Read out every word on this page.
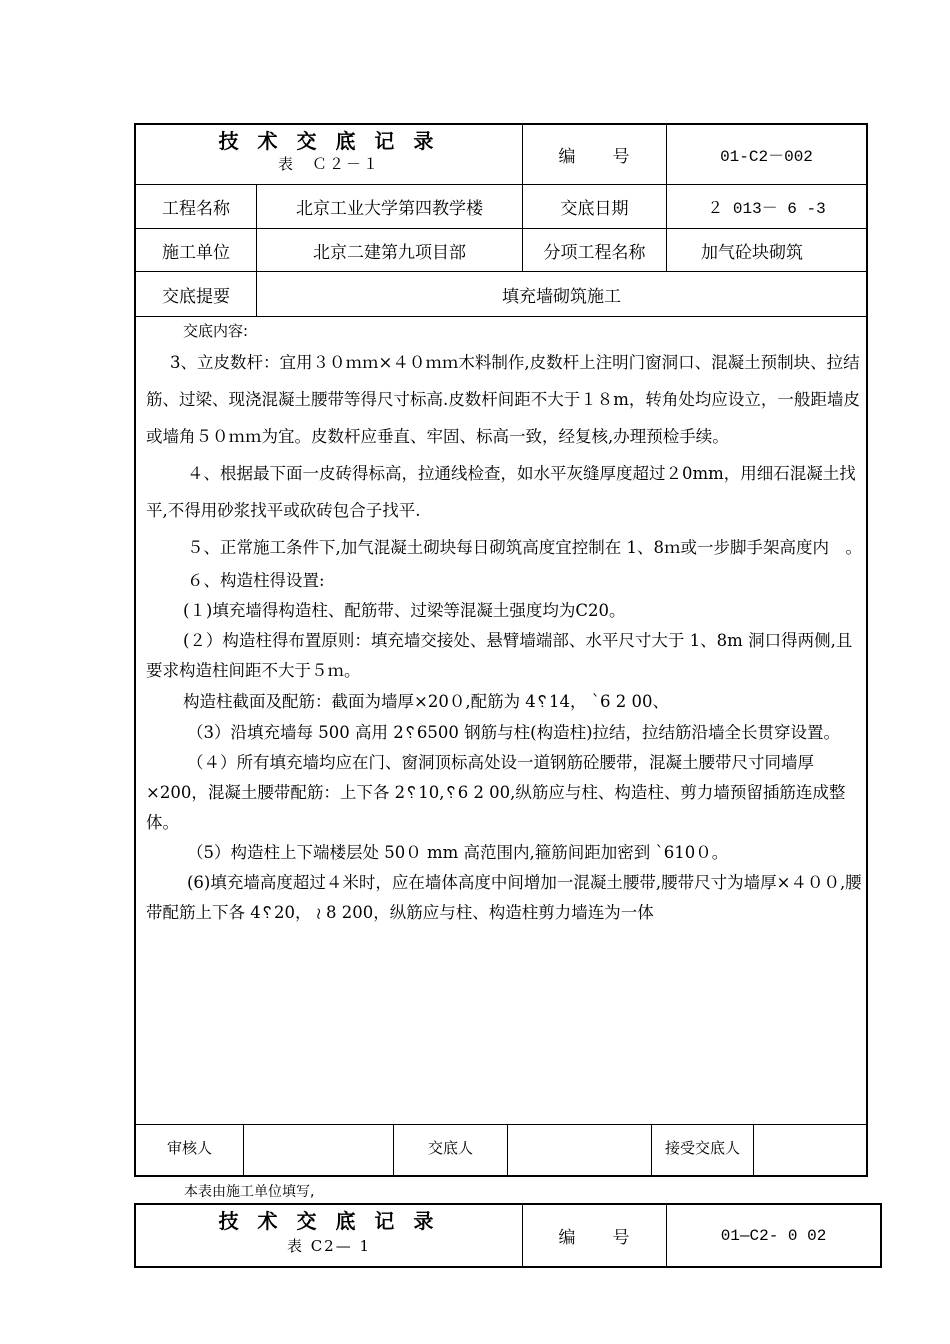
技 术 交 底 记 录
表　Ｃ２－１	编　　号	01-C2－002
工程名称	北京工业大学第四教学楼	交底日期	２ 013－ 6 -3
施工单位	北京二建第九项目部	分项工程名称	加气砼块砌筑
交底提要	填充墙砌筑施工

交底内容:

3、立皮数杆：宜用３０ｍｍ×４０ｍｍ木料制作,皮数杆上注明门窗洞口、混凝土预制块、拉结筋、过梁、现浇混凝土腰带等得尺寸标高.皮数杆间距不大于１８m，转角处均应设立，一般距墙皮或墙角５０ｍｍ为宜。皮数杆应垂直、牢固、标高一致，经复核,办理预检手续。

４、根据最下面一皮砖得标高，拉通线检查，如水平灰缝厚度超过２0mm，用细石混凝土找平,不得用砂浆找平或砍砖包合子找平.

５、正常施工条件下,加气混凝土砌块每日砌筑高度宜控制在 1、8ｍ或一步脚手架高度内　。

６、构造柱得设置:

(１)填充墙得构造柱、配筋带、过梁等混凝土强度均为C20。

(２）构造柱得布置原则：填充墙交接处、悬臂墙端部、水平尺寸大于 1、8m 洞口得两侧,且要求构造柱间距不大于５ｍ。

构造柱截面及配筋：截面为墙厚×20０,配筋为 4␦14， ˋ6 2 00、

（3）沿填充墙每 500 高用 2␦6500 钢筋与柱(构造柱)拉结，拉结筋沿墙全长贯穿设置。

（４）所有填充墙均应在门、窗洞顶标高处设一道钢筋砼腰带，混凝土腰带尺寸同墙厚×200，混凝土腰带配筋：上下各 2␦10,␦6 2 00,纵筋应与柱、构造柱、剪力墙预留插筋连成整体。

（5）构造柱上下端楼层处 50０ mm 高范围内,箍筋间距加密到 ˋ610０。

(6)填充墙高度超过４米时，应在墙体高度中间增加一混凝土腰带,腰带尺寸为墙厚×４００,腰带配筋上下各 4␦20， ≀ 8 200，纵筋应与柱、构造柱剪力墙连为一体

审核人	交底人	接受交底人
本表由施工单位填写,
技 术 交 底 记 录
表 C2— 1	编　　号	01—C2- 0 02
